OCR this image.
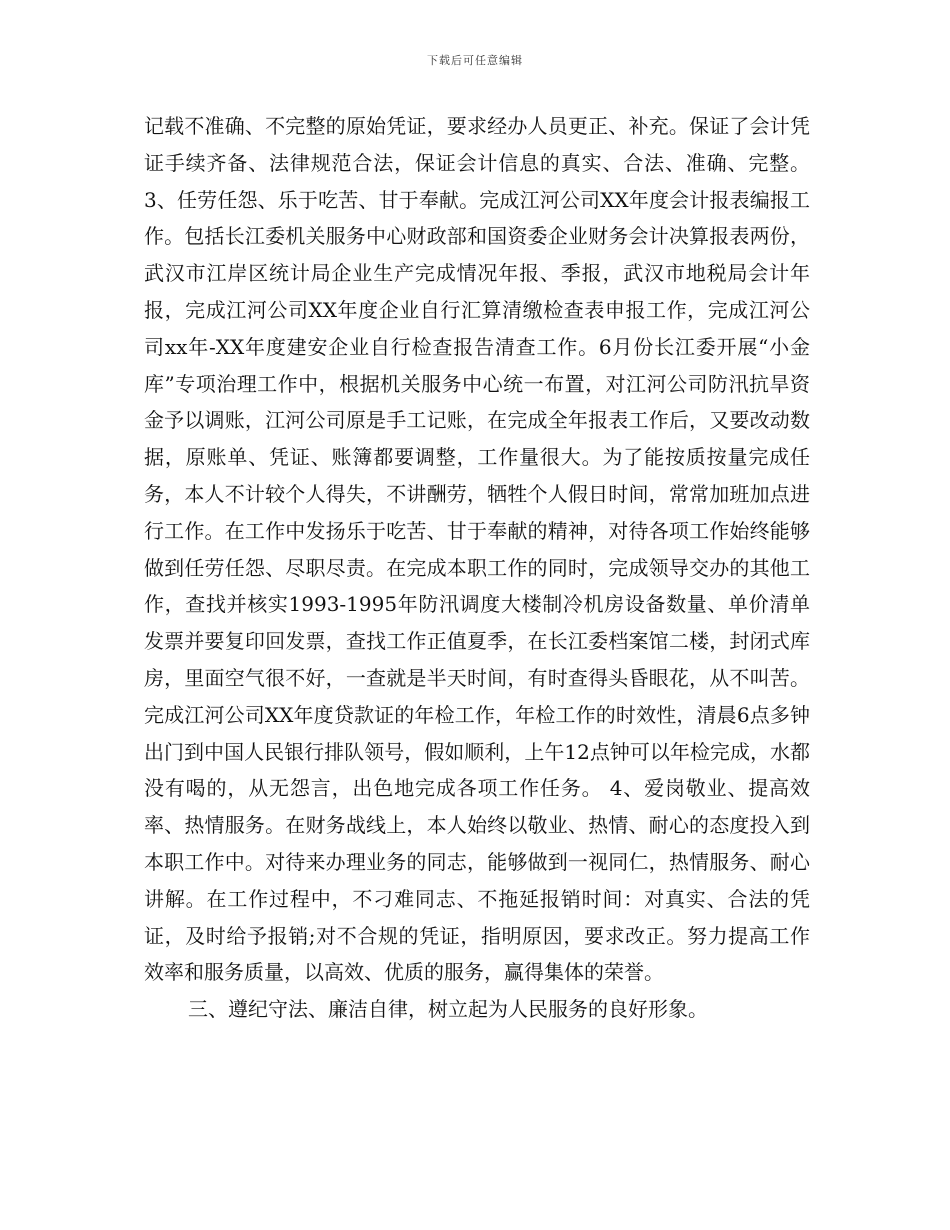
下载后可任意编辑

记载不准确、不完整的原始凭证，要求经办人员更正、补充。保证了会计凭证手续齐备、法律规范合法，保证会计信息的真实、合法、准确、完整。 3、任劳任怨、乐于吃苦、甘于奉献。完成江河公司XX年度会计报表编报工作。包括长江委机关服务中心财政部和国资委企业财务会计决算报表两份，武汉市江岸区统计局企业生产完成情况年报、季报，武汉市地税局会计年报，完成江河公司XX年度企业自行汇算清缴检查表申报工作，完成江河公司xx年-XX年度建安企业自行检查报告清查工作。6月份长江委开展“小金库”专项治理工作中，根据机关服务中心统一布置，对江河公司防汛抗旱资金予以调账，江河公司原是手工记账，在完成全年报表工作后，又要改动数据，原账单、凭证、账簿都要调整，工作量很大。为了能按质按量完成任务，本人不计较个人得失，不讲酬劳，牺牲个人假日时间，常常加班加点进行工作。在工作中发扬乐于吃苦、甘于奉献的精神，对待各项工作始终能够做到任劳任怨、尽职尽责。在完成本职工作的同时，完成领导交办的其他工作，查找并核实1993-1995年防汛调度大楼制冷机房设备数量、单价清单发票并要复印回发票，查找工作正值夏季，在长江委档案馆二楼，封闭式库房，里面空气很不好，一查就是半天时间，有时查得头昏眼花，从不叫苦。完成江河公司XX年度贷款证的年检工作，年检工作的时效性，清晨6点多钟出门到中国人民银行排队领号，假如顺利，上午12点钟可以年检完成，水都没有喝的，从无怨言，出色地完成各项工作任务。 4、爱岗敬业、提高效率、热情服务。在财务战线上，本人始终以敬业、热情、耐心的态度投入到本职工作中。对待来办理业务的同志，能够做到一视同仁，热情服务、耐心讲解。在工作过程中，不刁难同志、不拖延报销时间：对真实、合法的凭证，及时给予报销;对不合规的凭证，指明原因，要求改正。努力提高工作效率和服务质量，以高效、优质的服务，赢得集体的荣誉。

三、遵纪守法、廉洁自律，树立起为人民服务的良好形象。
